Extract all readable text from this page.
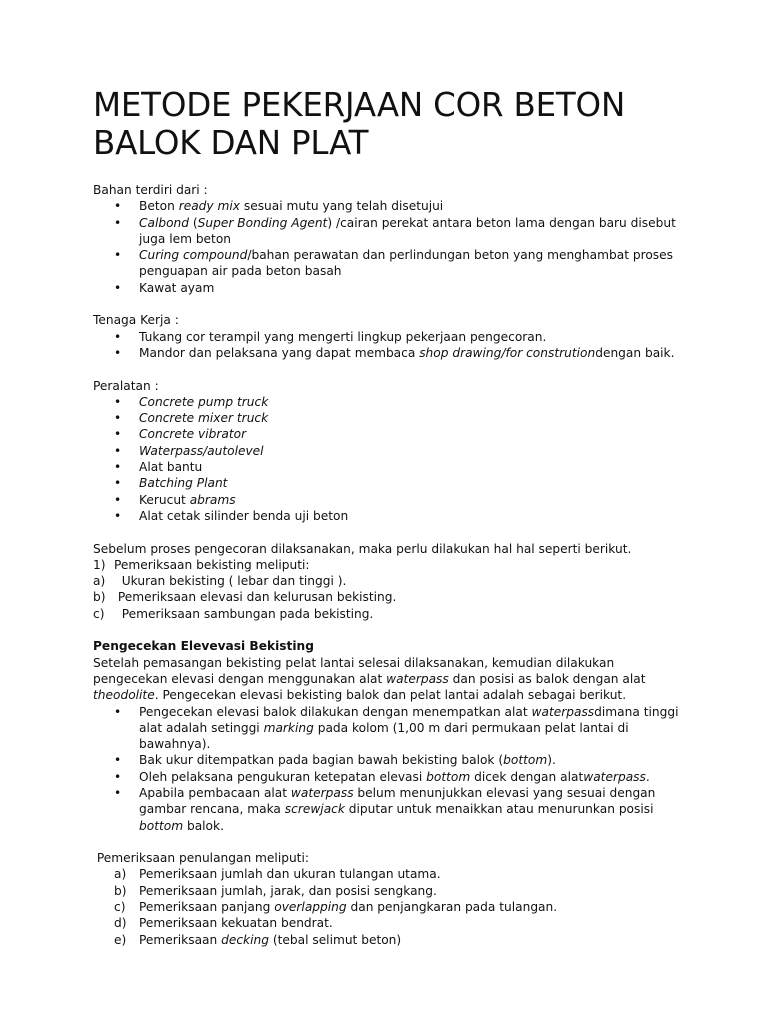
METODE PEKERJAAN COR BETON
BALOK DAN PLAT

Bahan terdiri dari :

• Beton ready mix sesuai mutu yang telah disetujui
• Calbond (Super Bonding Agent) /cairan perekat antara beton lama dengan baru disebut juga lem beton
• Curing compound/bahan perawatan dan perlindungan beton yang menghambat proses penguapan air pada beton basah
• Kawat ayam

Tenaga Kerja :

• Tukang cor terampil yang mengerti lingkup pekerjaan pengecoran.
• Mandor dan pelaksana yang dapat membaca shop drawing/for construtiondengan baik.

Peralatan :

• Concrete pump truck
• Concrete mixer truck
• Concrete vibrator
• Waterpass/autolevel
• Alat bantu
• Batching Plant
• Kerucut abrams
• Alat cetak silinder benda uji beton

Sebelum proses pengecoran dilaksanakan, maka perlu dilakukan hal hal seperti berikut.

1) Pemeriksaan bekisting meliputi:
a) Ukuran bekisting ( lebar dan tinggi ).
b) Pemeriksaan elevasi dan kelurusan bekisting.
c) Pemeriksaan sambungan pada bekisting.

Pengecekan Elevevasi Bekisting

Setelah pemasangan bekisting pelat lantai selesai dilaksanakan, kemudian dilakukan pengecekan elevasi dengan menggunakan alat waterpass dan posisi as balok dengan alat theodolite. Pengecekan elevasi bekisting balok dan pelat lantai adalah sebagai berikut.

• Pengecekan elevasi balok dilakukan dengan menempatkan alat waterpassdimana tinggi alat adalah setinggi marking pada kolom (1,00 m dari permukaan pelat lantai di bawahnya).
• Bak ukur ditempatkan pada bagian bawah bekisting balok (bottom).
• Oleh pelaksana pengukuran ketepatan elevasi bottom dicek dengan alatwaterpass.
• Apabila pembacaan alat waterpass belum menunjukkan elevasi yang sesuai dengan gambar rencana, maka screwjack diputar untuk menaikkan atau menurunkan posisi bottom balok.

Pemeriksaan penulangan meliputi:

a) Pemeriksaan jumlah dan ukuran tulangan utama.
b) Pemeriksaan jumlah, jarak, dan posisi sengkang.
c) Pemeriksaan panjang overlapping dan penjangkaran pada tulangan.
d) Pemeriksaan kekuatan bendrat.
e) Pemeriksaan decking (tebal selimut beton)
